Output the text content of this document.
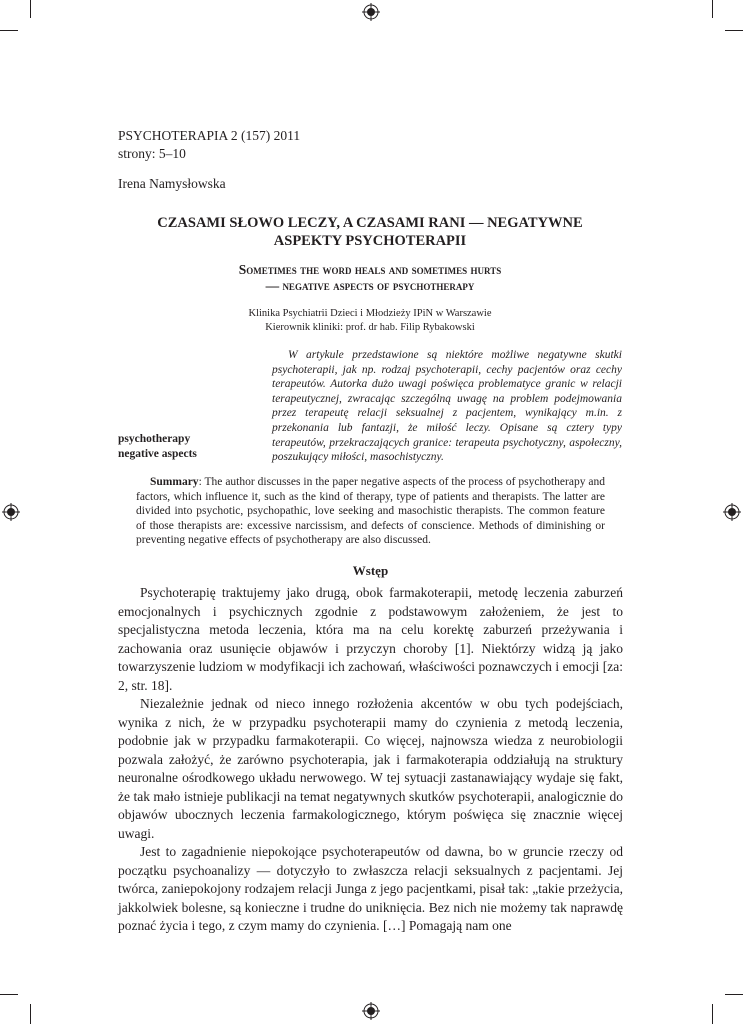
PSYCHOTERAPIA 2 (157) 2011
strony: 5–10
Irena Namysłowska
CZASAMI SŁOWO LECZY, A CZASAMI RANI — NEGATYWNE
ASPEKTY PSYCHOTERAPII
Sometimes the word heals and sometimes hurts
— negative aspects of psychotherapy
Klinika Psychiatrii Dzieci i Młodzieży IPiN w Warszawie
Kierownik kliniki: prof. dr hab. Filip Rybakowski
W artykule przedstawione są niektóre możliwe negatywne skutki psychoterapii, jak np. rodzaj psychoterapii, cechy pacjentów oraz cechy terapeutów. Autorka dużo uwagi poświęca problematyce granic w relacji terapeutycznej, zwracając szczególną uwagę na problem podejmowania przez terapeutę relacji seksualnej z pacjentem, wynikający m.in. z przekonania lub fantazji, że miłość leczy. Opisane są cztery typy terapeutów, przekraczających granice: terapeuta psychotyczny, aspołeczny, poszukujący miłości, masochistyczny.
psychotherapy
negative aspects
Summary: The author discusses in the paper negative aspects of the process of psychotherapy and factors, which influence it, such as the kind of therapy, type of patients and therapists. The latter are divided into psychotic, psychopathic, love seeking and masochistic therapists. The common feature of those therapists are: excessive narcissism, and defects of conscience. Methods of diminishing or preventing negative effects of psychotherapy are also discussed.
Wstęp

Psychoterapię traktujemy jako drugą, obok farmakoterapii, metodę leczenia zaburzeń emocjonalnych i psychicznych zgodnie z podstawowym założeniem, że jest to specjalistyczna metoda leczenia, która ma na celu korektę zaburzeń przeżywania i zachowania oraz usunięcie objawów i przyczyn choroby [1]. Niektórzy widzą ją jako towarzyszenie ludziom w modyfikacji ich zachowań, właściwości poznawczych i emocji [za: 2, str. 18].

Niezależnie jednak od nieco innego rozłożenia akcentów w obu tych podejściach, wynika z nich, że w przypadku psychoterapii mamy do czynienia z metodą leczenia, podobnie jak w przypadku farmakoterapii. Co więcej, najnowsza wiedza z neurobiologii pozwala założyć, że zarówno psychoterapia, jak i farmakoterapia oddziałują na struktury neuronalne ośrodkowego układu nerwowego. W tej sytuacji zastanawiający wydaje się fakt, że tak mało istnieje publikacji na temat negatywnych skutków psychoterapii, analogicznie do objawów ubocznych leczenia farmakologicznego, którym poświęca się znacznie więcej uwagi.

Jest to zagadnienie niepokojące psychoterapeutów od dawna, bo w gruncie rzeczy od początku psychoanalizy — dotyczyło to zwłaszcza relacji seksualnych z pacjentami. Jej twórca, zaniepokojony rodzajem relacji Junga z jego pacjentkami, pisał tak: „takie przeżycia, jakkolwiek bolesne, są konieczne i trudne do uniknięcia. Bez nich nie możemy tak naprawdę poznać życia i tego, z czym mamy do czynienia. […] Pomagają nam one
